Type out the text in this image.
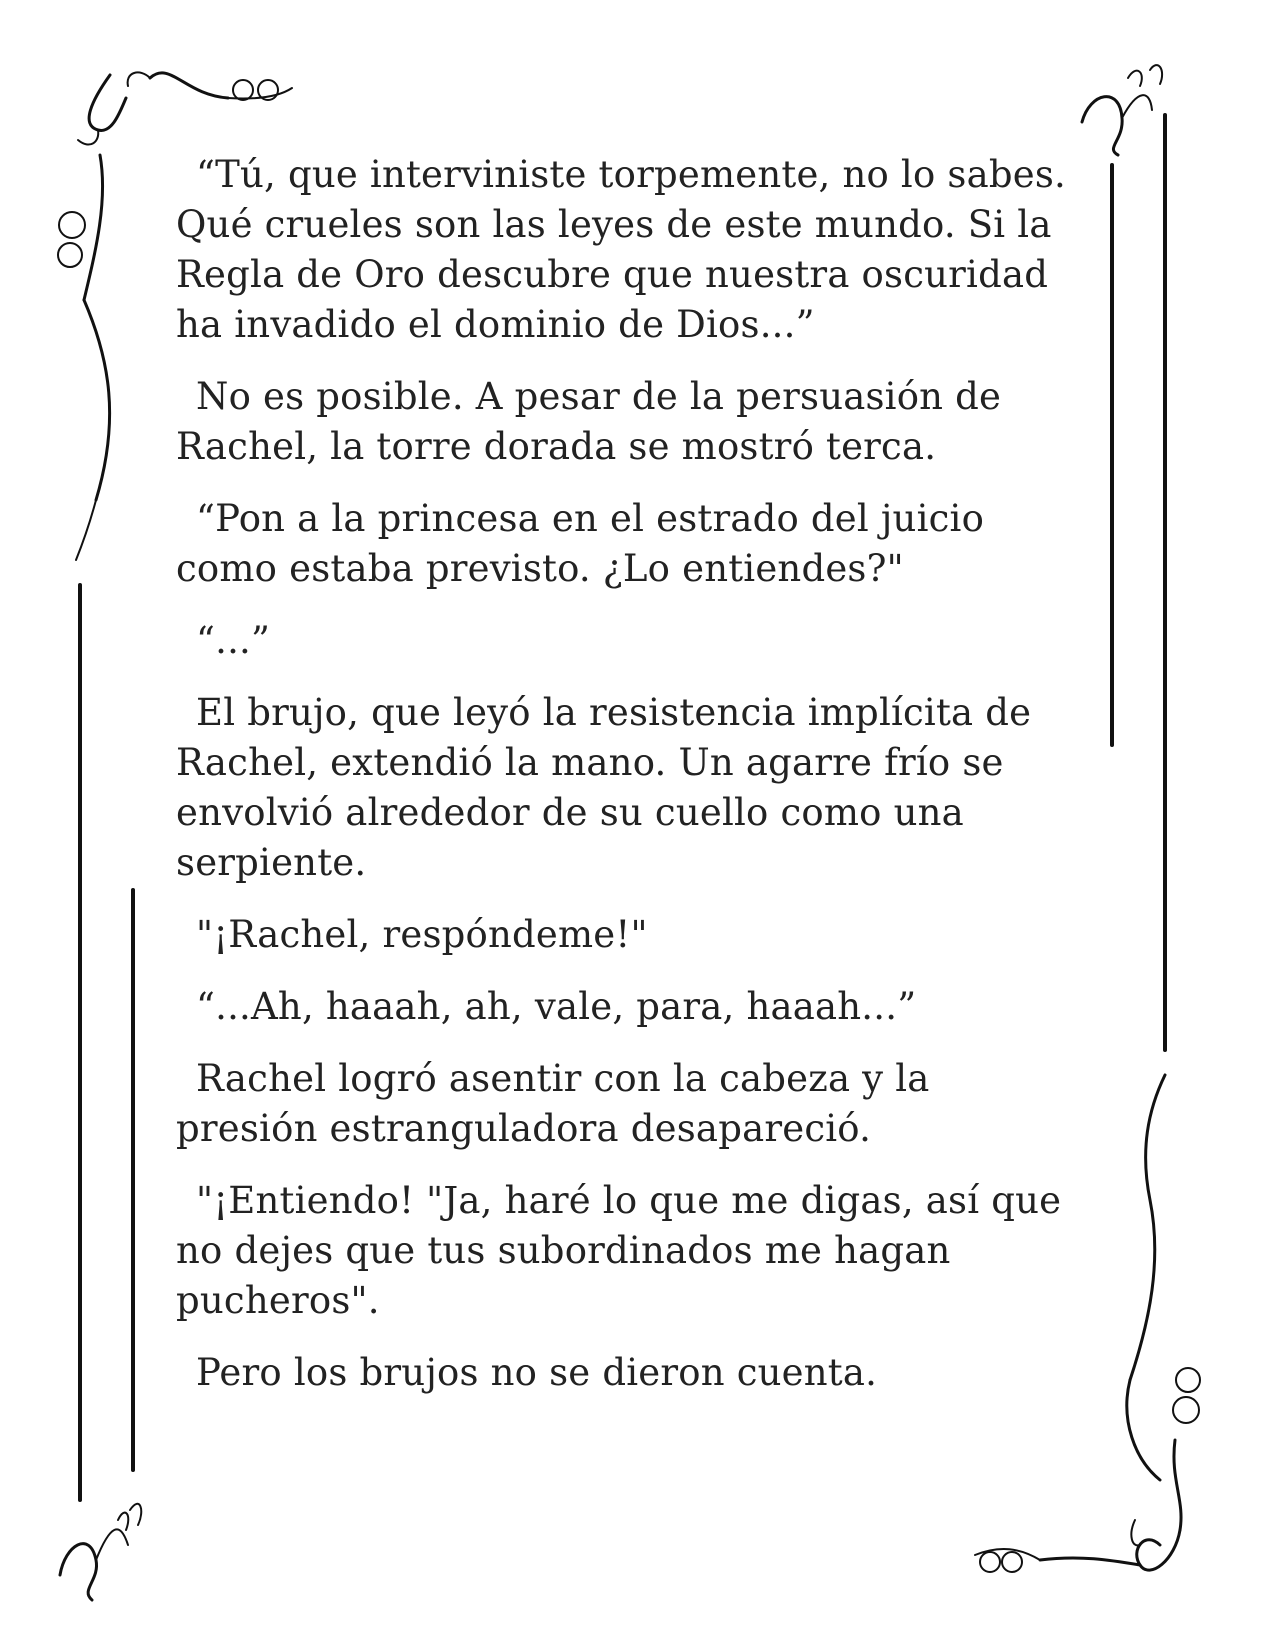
“Tú, que interviniste torpemente, no lo sabes.
Qué crueles son las leyes de este mundo. Si la
Regla de Oro descubre que nuestra oscuridad
ha invadido el dominio de Dios...”

No es posible. A pesar de la persuasión de
Rachel, la torre dorada se mostró terca.

“Pon a la princesa en el estrado del juicio
como estaba previsto. ¿Lo entiendes?"

“...”

El brujo, que leyó la resistencia implícita de
Rachel, extendió la mano. Un agarre frío se
envolvió alrededor de su cuello como una
serpiente.

"¡Rachel, respóndeme!"

“...Ah, haaah, ah, vale, para, haaah...”

Rachel logró asentir con la cabeza y la
presión estranguladora desapareció.

"¡Entiendo! "Ja, haré lo que me digas, así que
no dejes que tus subordinados me hagan
pucheros".

Pero los brujos no se dieron cuenta.
